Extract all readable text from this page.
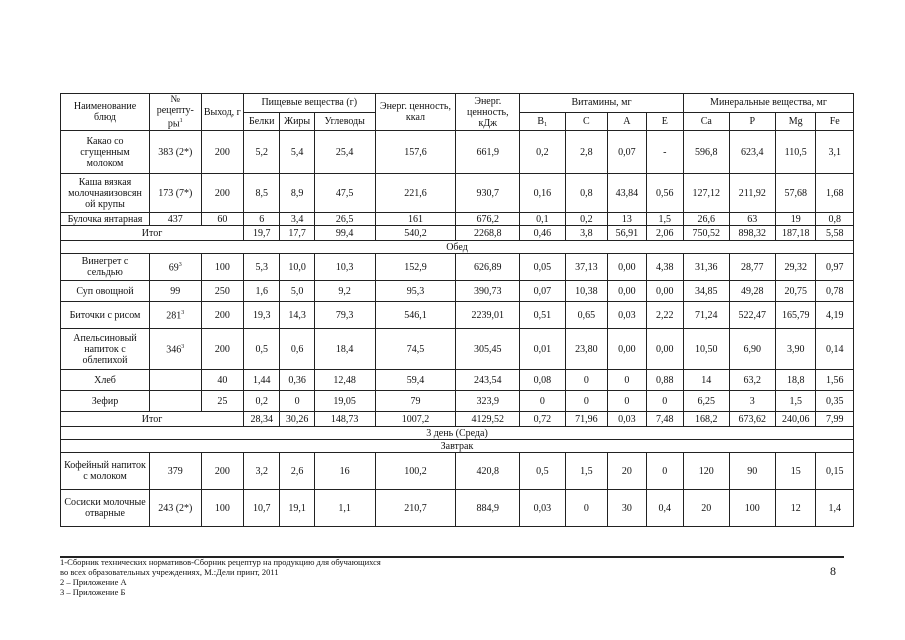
Наименование блюд	№ рецепту-$ры^1$	Выход, г	Пищевые вещества (г)			Энерг. ценность, ккал	Энерг. ценность, кДж	Витамины, мг				Минеральные вещества, мг			
			Белки	Жиры	Углеводы			B₁	C	A	E	Ca	P	Mg	Fe
Какао со сгущенным молоком	383 (2*)	200	5,2	5,4	25,4	157,6	661,9	0,2	2,8	0,07	-	596,8	623,4	110,5	3,1
Каша вязкая молочнаяизовсян ой крупы	173 (7*)	200	8,5	8,9	47,5	221,6	930,7	0,16	0,8	43,84	0,56	127,12	211,92	57,68	1,68
Булочка янтарная	437	60	6	3,4	26,5	161	676,2	0,1	0,2	13	1,5	26,6	63	19	0,8
Итог			19,7	17,7	99,4	540,2	2268,8	0,46	3,8	56,91	2,06	750,52	898,32	187,18	5,58
Обед															
Винегрет с сельдью	$69^3$	100	5,3	10,0	10,3	152,9	626,89	0,05	37,13	0,00	4,38	31,36	28,77	29,32	0,97
Суп овощной	99	250	1,6	5,0	9,2	95,3	390,73	0,07	10,38	0,00	0,00	34,85	49,28	20,75	0,78
Биточки с рисом	$281^3$	200	19,3	14,3	79,3	546,1	2239,01	0,51	0,65	0,03	2,22	71,24	522,47	165,79	4,19
Апельсиновый напиток с облепихой	$346^3$	200	0,5	0,6	18,4	74,5	305,45	0,01	23,80	0,00	0,00	10,50	6,90	3,90	0,14
Хлеб		40	1,44	0,36	12,48	59,4	243,54	0,08	0	0	0,88	14	63,2	18,8	1,56
Зефир		25	0,2	0	19,05	79	323,9	0	0	0	0	6,25	3	1,5	0,35
Итог			28,34	30,26	148,73	1007,2	4129,52	0,72	71,96	0,03	7,48	168,2	673,62	240,06	7,99
3 день (Среда)															
Завтрак															
Кофейный напиток с молоком	379	200	3,2	2,6	16	100,2	420,8	0,5	1,5	20	0	120	90	15	0,15
Сосиски молочные отварные	243 (2*)	100	10,7	19,1	1,1	210,7	884,9	0,03	0	30	0,4	20	100	12	1,4
1-Сборник технических нормативов-Сборник рецептур на продукцию для обучающихся
во всех образовательных учреждениях, М.:Дели принт, 2011
2 – Приложение А
3 – Приложение Б
8
